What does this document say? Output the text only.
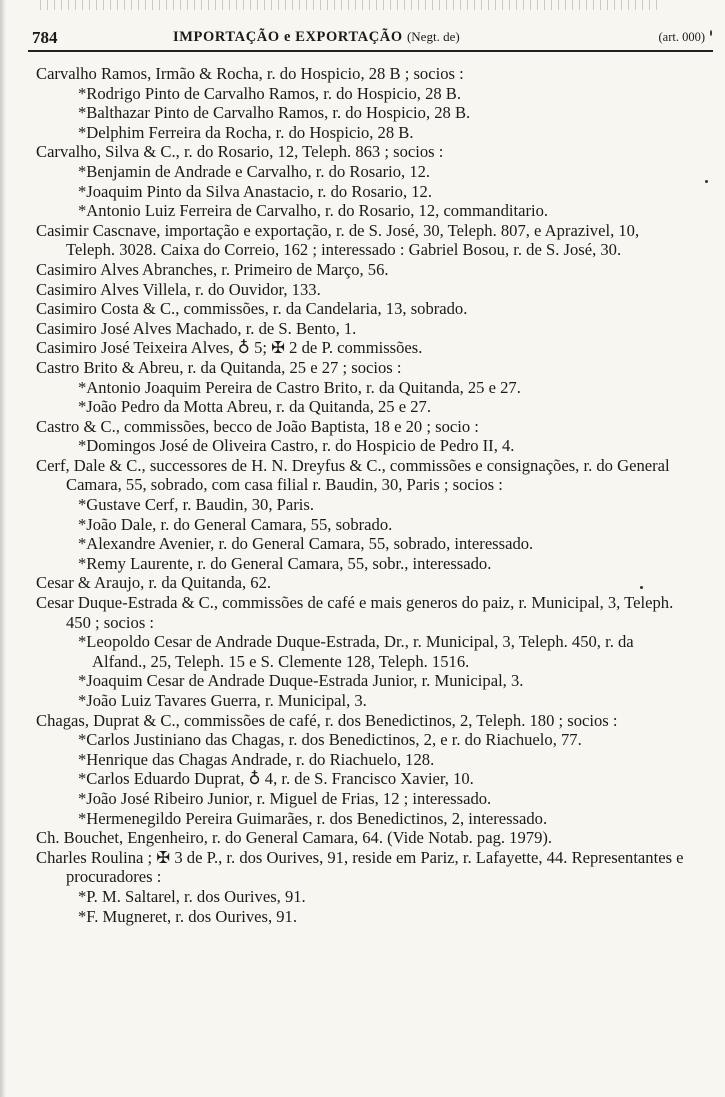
784	IMPORTAÇÃO e EXPORTAÇÃO (Negt. de)	(art. 000)

Carvalho Ramos, Irmão & Rocha, r. do Hospicio, 28 B ; socios :

*Rodrigo Pinto de Carvalho Ramos, r. do Hospicio, 28 B.

*Balthazar Pinto de Carvalho Ramos, r. do Hospicio, 28 B.

*Delphim Ferreira da Rocha, r. do Hospicio, 28 B.

Carvalho, Silva & C., r. do Rosario, 12, Teleph. 863 ; socios :

*Benjamin de Andrade e Carvalho, r. do Rosario, 12.

*Joaquim Pinto da Silva Anastacio, r. do Rosario, 12.

*Antonio Luiz Ferreira de Carvalho, r. do Rosario, 12, commanditario.

Casimir Cascnave, importação e exportação, r. de S. José, 30, Teleph. 807, e Aprazivel, 10, Teleph. 3028. Caixa do Correio, 162 ; interessado : Gabriel Bosou, r. de S. José, 30.

Casimiro Alves Abranches, r. Primeiro de Março, 56.

Casimiro Alves Villela, r. do Ouvidor, 133.

Casimiro Costa & C., commissões, r. da Candelaria, 13, sobrado.

Casimiro José Alves Machado, r. de S. Bento, 1.

Casimiro José Teixeira Alves, ♁ 5; ✠ 2 de P. commissões.

Castro Brito & Abreu, r. da Quitanda, 25 e 27 ; socios :

*Antonio Joaquim Pereira de Castro Brito, r. da Quitanda, 25 e 27.

*João Pedro da Motta Abreu, r. da Quitanda, 25 e 27.

Castro & C., commissões, becco de João Baptista, 18 e 20 ; socio :

*Domingos José de Oliveira Castro, r. do Hospicio de Pedro II, 4.

Cerf, Dale & C., successores de H. N. Dreyfus & C., commissões e consignações, r. do General Camara, 55, sobrado, com casa filial r. Baudin, 30, Paris ; socios :

*Gustave Cerf, r. Baudin, 30, Paris.

*João Dale, r. do General Camara, 55, sobrado.

*Alexandre Avenier, r. do General Camara, 55, sobrado, interessado.

*Remy Laurente, r. do General Camara, 55, sobr., interessado.

Cesar & Araujo, r. da Quitanda, 62.

Cesar Duque-Estrada & C., commissões de café e mais generos do paiz, r. Municipal, 3, Teleph. 450 ; socios :

*Leopoldo Cesar de Andrade Duque-Estrada, Dr., r. Municipal, 3, Teleph. 450, r. da Alfand., 25, Teleph. 15 e S. Clemente 128, Teleph. 1516.

*Joaquim Cesar de Andrade Duque-Estrada Junior, r. Municipal, 3.

*João Luiz Tavares Guerra, r. Municipal, 3.

Chagas, Duprat & C., commissões de café, r. dos Benedictinos, 2, Teleph. 180 ; socios :

*Carlos Justiniano das Chagas, r. dos Benedictinos, 2, e r. do Riachuelo, 77.

*Henrique das Chagas Andrade, r. do Riachuelo, 128.

*Carlos Eduardo Duprat, ♁ 4, r. de S. Francisco Xavier, 10.

*João José Ribeiro Junior, r. Miguel de Frias, 12 ; interessado.

*Hermenegildo Pereira Guimarães, r. dos Benedictinos, 2, interessado.

Ch. Bouchet, Engenheiro, r. do General Camara, 64. (Vide Notab. pag. 1979).

Charles Roulina ; ✠ 3 de P., r. dos Ourives, 91, reside em Pariz, r. Lafayette, 44. Representantes e procuradores :

*P. M. Saltarel, r. dos Ourives, 91.

*F. Mugneret, r. dos Ourives, 91.
